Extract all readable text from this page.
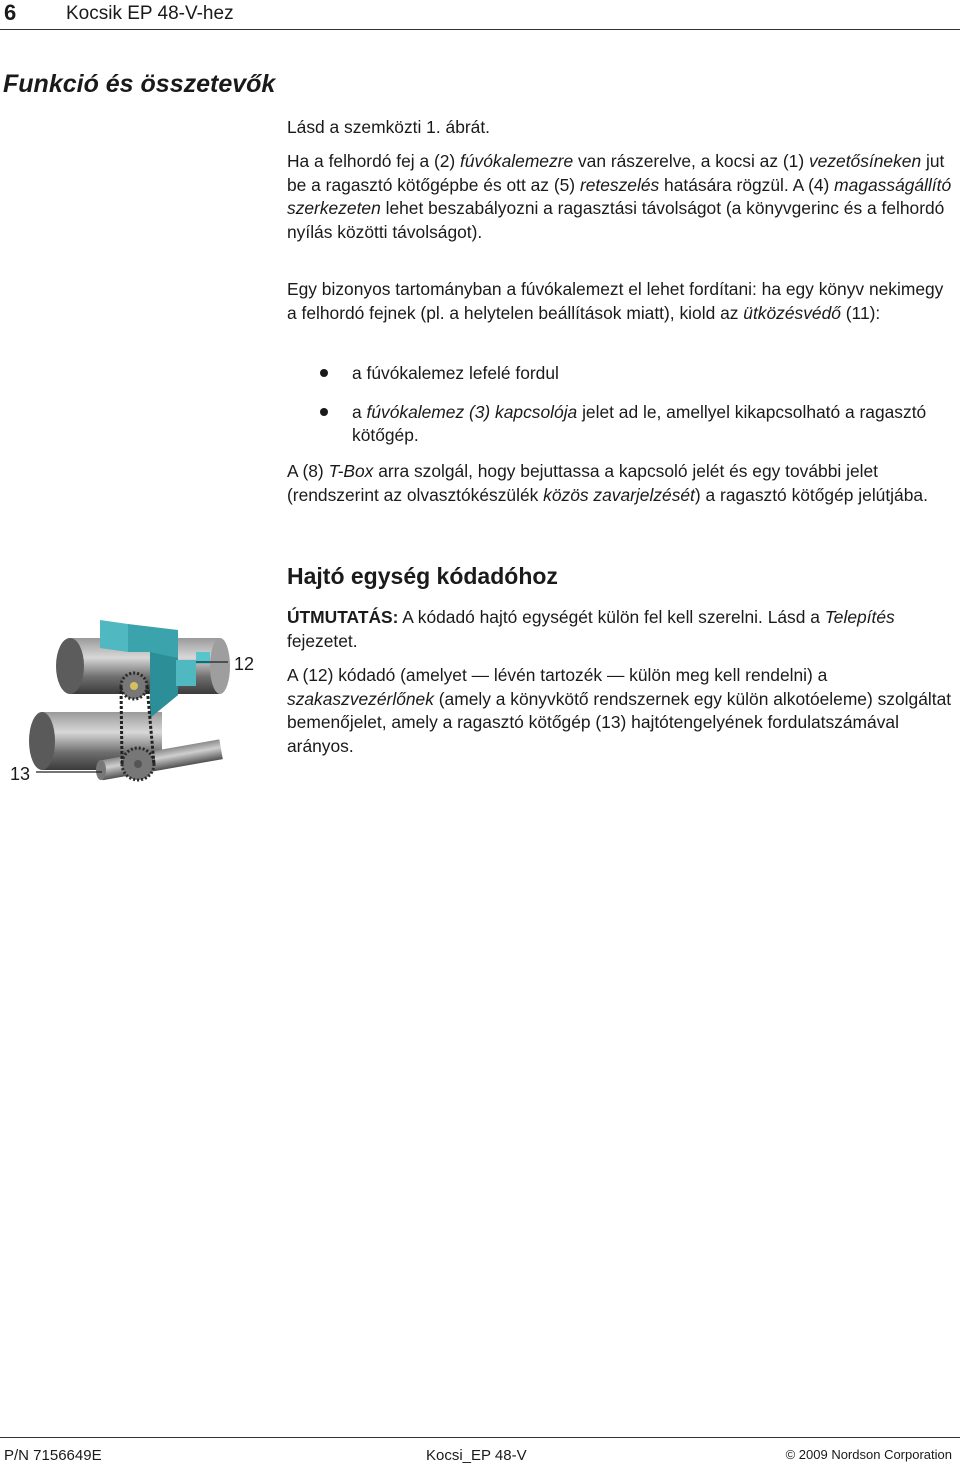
6	Kocsik EP 48-V-hez
Funkció és összetevők

Lásd a szemközti 1. ábrát.

Ha a felhordó fej a (2) fúvókalemezre van rászerelve, a kocsi az (1) vezetősíneken jut be a ragasztó kötőgépbe és ott az (5) reteszelés hatására rögzül. A (4) magasságállító szerkezeten lehet beszabályozni a ragasztási távolságot (a könyvgerinc és a felhordó nyílás közötti távolságot).

Egy bizonyos tartományban a fúvókalemezt el lehet fordítani: ha egy könyv nekimegy a felhordó fejnek (pl. a helytelen beállítások miatt), kiold az ütközésvédő (11):

a fúvókalemez lefelé fordul
a fúvókalemez (3) kapcsolója jelet ad le, amellyel kikapcsolható a ragasztó kötőgép.

A (8) T-Box arra szolgál, hogy bejuttassa a kapcsoló jelét és egy további jelet (rendszerint az olvasztókészülék közös zavarjelzését) a ragasztó kötőgép jelútjába.

Hajtó egység kódadóhoz

ÚTMUTATÁS: A kódadó hajtó egységét külön fel kell szerelni. Lásd a Telepítés fejezetet.

A (12) kódadó (amelyet — lévén tartozék — külön meg kell rendelni) a szakaszvezérlőnek (amely a könyvkötő rendszernek egy külön alkotóeleme) szolgáltat bemenőjelet, amely a ragasztó kötőgép (13) hajtótengelyének fordulatszámával arányos.

12
13
P/N 7156649E	Kocsi_EP 48-V	© 2009 Nordson Corporation
